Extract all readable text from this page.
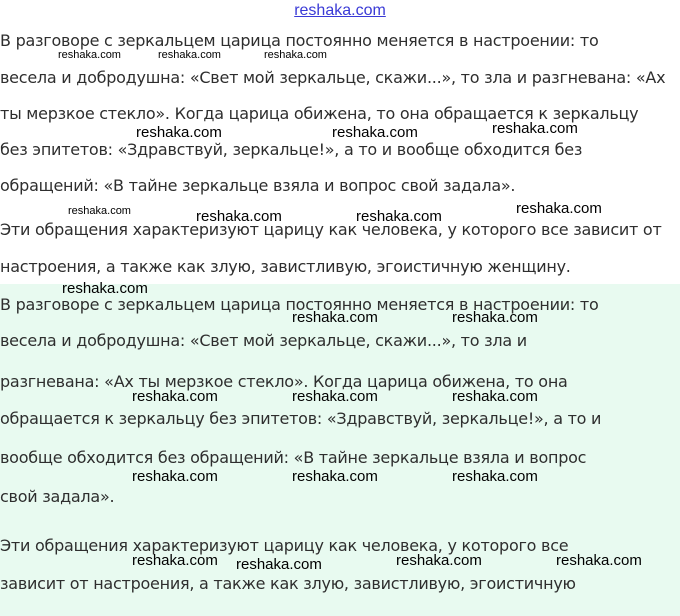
В разговоре с зеркальцем царица постоянно меняется в настроении: то
весела и добродушна: «Свет мой зеркальце, скажи...», то зла и разгневана: «Ах
ты мерзкое стекло». Когда царица обижена, то она обращается к зеркальцу
без эпитетов: «Здравствуй, зеркальце!», а то и вообще обходится без
обращений: «В тайне зеркальце взяла и вопрос свой задала».
Эти обращения характеризуют царицу как человека, у которого все зависит от
настроения, а также как злую, завистливую, эгоистичную женщину.
В разговоре с зеркальцем царица постоянно меняется в настроении: то
весела и добродушна: «Свет мой зеркальце, скажи...», то зла и
разгневана: «Ах ты мерзкое стекло». Когда царица обижена, то она
обращается к зеркальцу без эпитетов: «Здравствуй, зеркальце!», а то и
вообще обходится без обращений: «В тайне зеркальце взяла и вопрос
свой задала».
Эти обращения характеризуют царицу как человека, у которого все
зависит от настроения, а также как злую, завистливую, эгоистичную
reshaka.com	reshaka.com	reshaka.com
reshaka.com	reshaka.com	reshaka.com
reshaka.com	reshaka.com	reshaka.com	reshaka.com
reshaka.com
reshaka.com	reshaka.com
reshaka.com	reshaka.com	reshaka.com
reshaka.com	reshaka.com	reshaka.com
reshaka.com reshaka.com	reshaka.com	reshaka.com
reshaka.com
